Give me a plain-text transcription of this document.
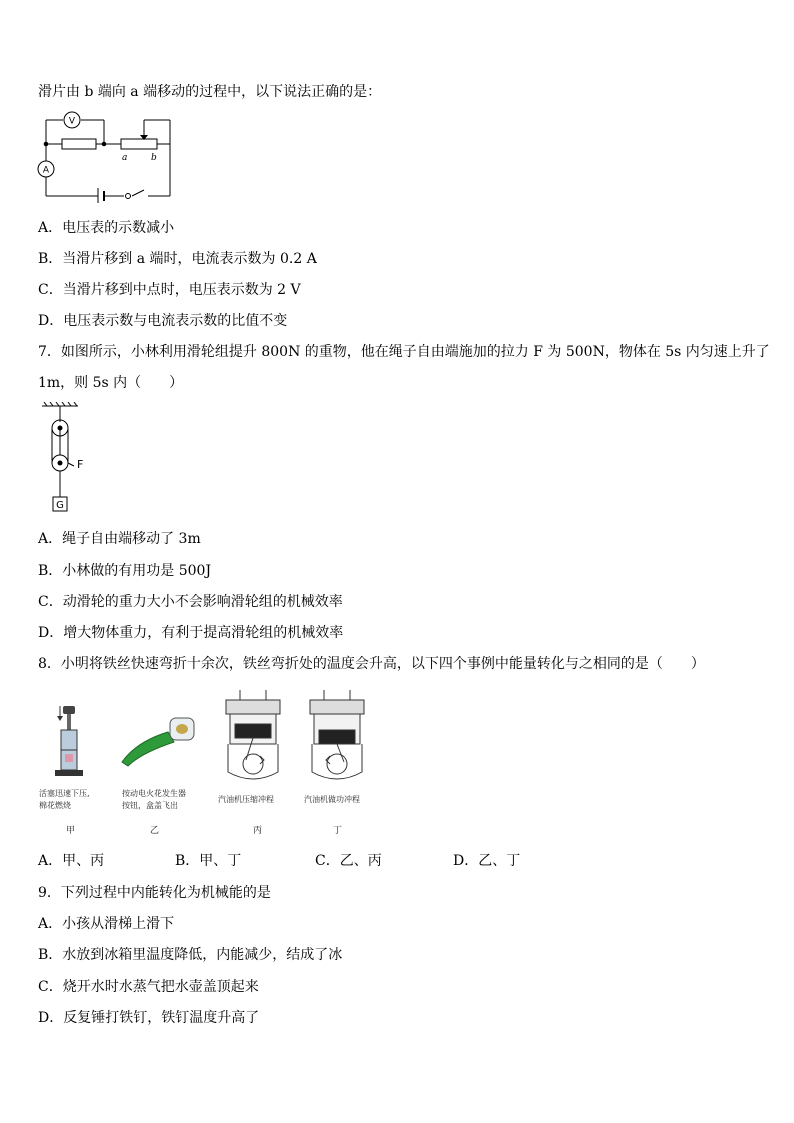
滑片由 b 端向 a 端移动的过程中，以下说法正确的是：
V
A
a	b
A．电压表的示数减小
B．当滑片移到 a 端时，电流表示数为 0.2 A
C．当滑片移到中点时，电压表示数为 2 V
D．电压表示数与电流表示数的比值不变
7．如图所示，小林利用滑轮组提升 800N 的重物，他在绳子自由端施加的拉力 F 为 500N，物体在 5s 内匀速上升了
1m，则 5s 内（　　）
F
G
A．绳子自由端移动了 3m
B．小林做的有用功是 500J
C．动滑轮的重力大小不会影响滑轮组的机械效率
D．增大物体重力，有利于提高滑轮组的机械效率
8．小明将铁丝快速弯折十余次，铁丝弯折处的温度会升高，以下四个事例中能量转化与之相同的是（　　）
活塞迅速下压,
棉花燃烧
甲
按动电火花发生器
按钮，盒盖飞出
乙
汽油机压缩冲程
丙
汽油机做功冲程
丁
A．甲、丙	B．甲、丁	C．乙、丙	D．乙、丁
9．下列过程中内能转化为机械能的是
A．小孩从滑梯上滑下
B．水放到冰箱里温度降低，内能减少，结成了冰
C．烧开水时水蒸气把水壶盖顶起来
D．反复锤打铁钉，铁钉温度升高了
